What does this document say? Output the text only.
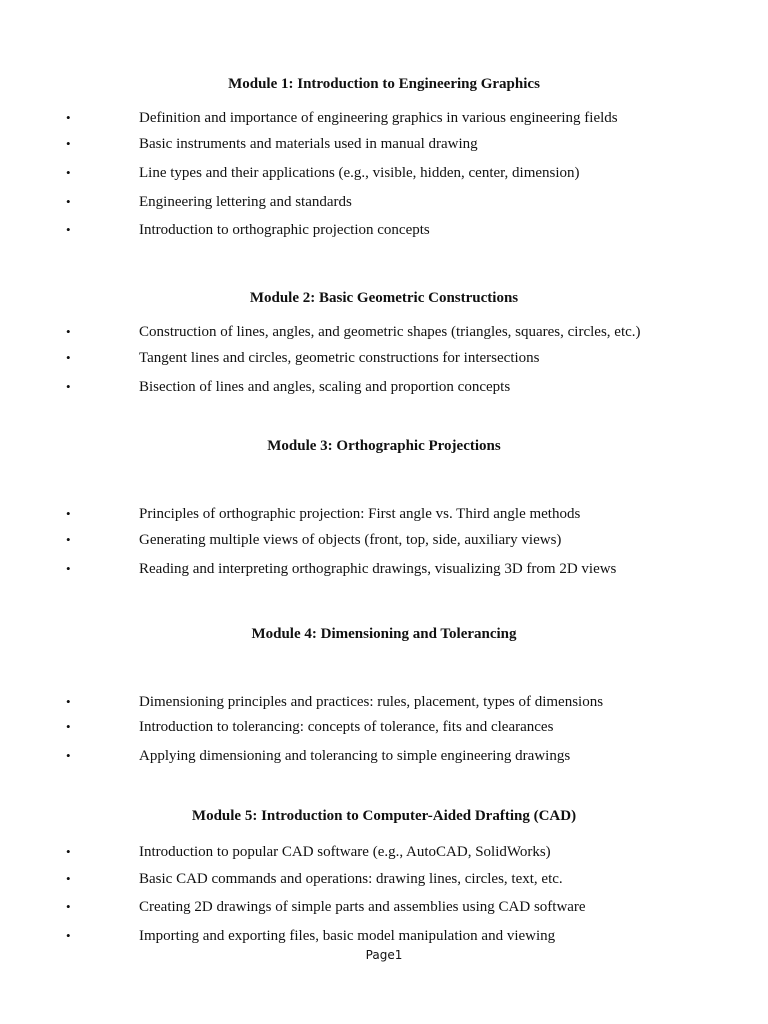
Module 1: Introduction to Engineering Graphics
•	Definition and importance of engineering graphics in various engineering fields
•	Basic instruments and materials used in manual drawing
•	Line types and their applications (e.g., visible, hidden, center, dimension)
•	Engineering lettering and standards
•	Introduction to orthographic projection concepts
Module 2: Basic Geometric Constructions
•	Construction of lines, angles, and geometric shapes (triangles, squares, circles, etc.)
•	Tangent lines and circles, geometric constructions for intersections
•	Bisection of lines and angles, scaling and proportion concepts
Module 3: Orthographic Projections
•	Principles of orthographic projection: First angle vs. Third angle methods
•	Generating multiple views of objects (front, top, side, auxiliary views)
•	Reading and interpreting orthographic drawings, visualizing 3D from 2D views
Module 4: Dimensioning and Tolerancing
•	Dimensioning principles and practices: rules, placement, types of dimensions
•	Introduction to tolerancing: concepts of tolerance, fits and clearances
•	Applying dimensioning and tolerancing to simple engineering drawings
Module 5: Introduction to Computer-Aided Drafting (CAD)
•	Introduction to popular CAD software (e.g., AutoCAD, SolidWorks)
•	Basic CAD commands and operations: drawing lines, circles, text, etc.
•	Creating 2D drawings of simple parts and assemblies using CAD software
•	Importing and exporting files, basic model manipulation and viewing
Page1
